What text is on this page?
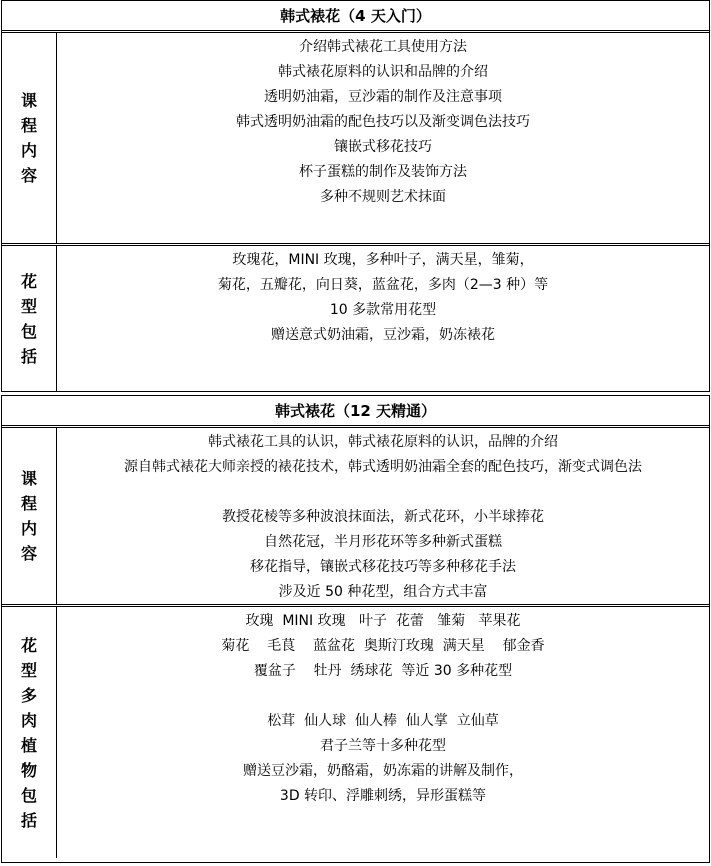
韩式裱花（4 天入门）
课
程
内
容
介绍韩式裱花工具使用方法
韩式裱花原料的认识和品牌的介绍
透明奶油霜，豆沙霜的制作及注意事项
韩式透明奶油霜的配色技巧以及渐变调色法技巧
镶嵌式移花技巧
杯子蛋糕的制作及装饰方法
多种不规则艺术抹面
花
型
包
括
玫瑰花，MINI 玫瑰，多种叶子，满天星，雏菊，
菊花，五瓣花，向日葵，蓝盆花，多肉（2—3 种）等
10 多款常用花型
赠送意式奶油霜，豆沙霜，奶冻裱花
韩式裱花（12 天精通）
课
程
内
容
韩式裱花工具的认识，韩式裱花原料的认识，品牌的介绍
源自韩式裱花大师亲授的裱花技术，韩式透明奶油霜全套的配色技巧，渐变式调色法
教授花棱等多种波浪抹面法，新式花环，小半球捧花
自然花冠，半月形花环等多种新式蛋糕
移花指导，镶嵌式移花技巧等多种移花手法
涉及近 50 种花型，组合方式丰富
花
型
多
肉
植
物
包
括
玫瑰  MINI 玫瑰   叶子  花蕾   雏菊   苹果花
菊花    毛茛    蓝盆花  奥斯汀玫瑰  满天星    郁金香
覆盆子    牡丹  绣球花  等近 30 多种花型
松茸  仙人球  仙人棒  仙人掌  立仙草
君子兰等十多种花型
赠送豆沙霜，奶酪霜，奶冻霜的讲解及制作，
3D 转印、浮雕刺绣，异形蛋糕等
